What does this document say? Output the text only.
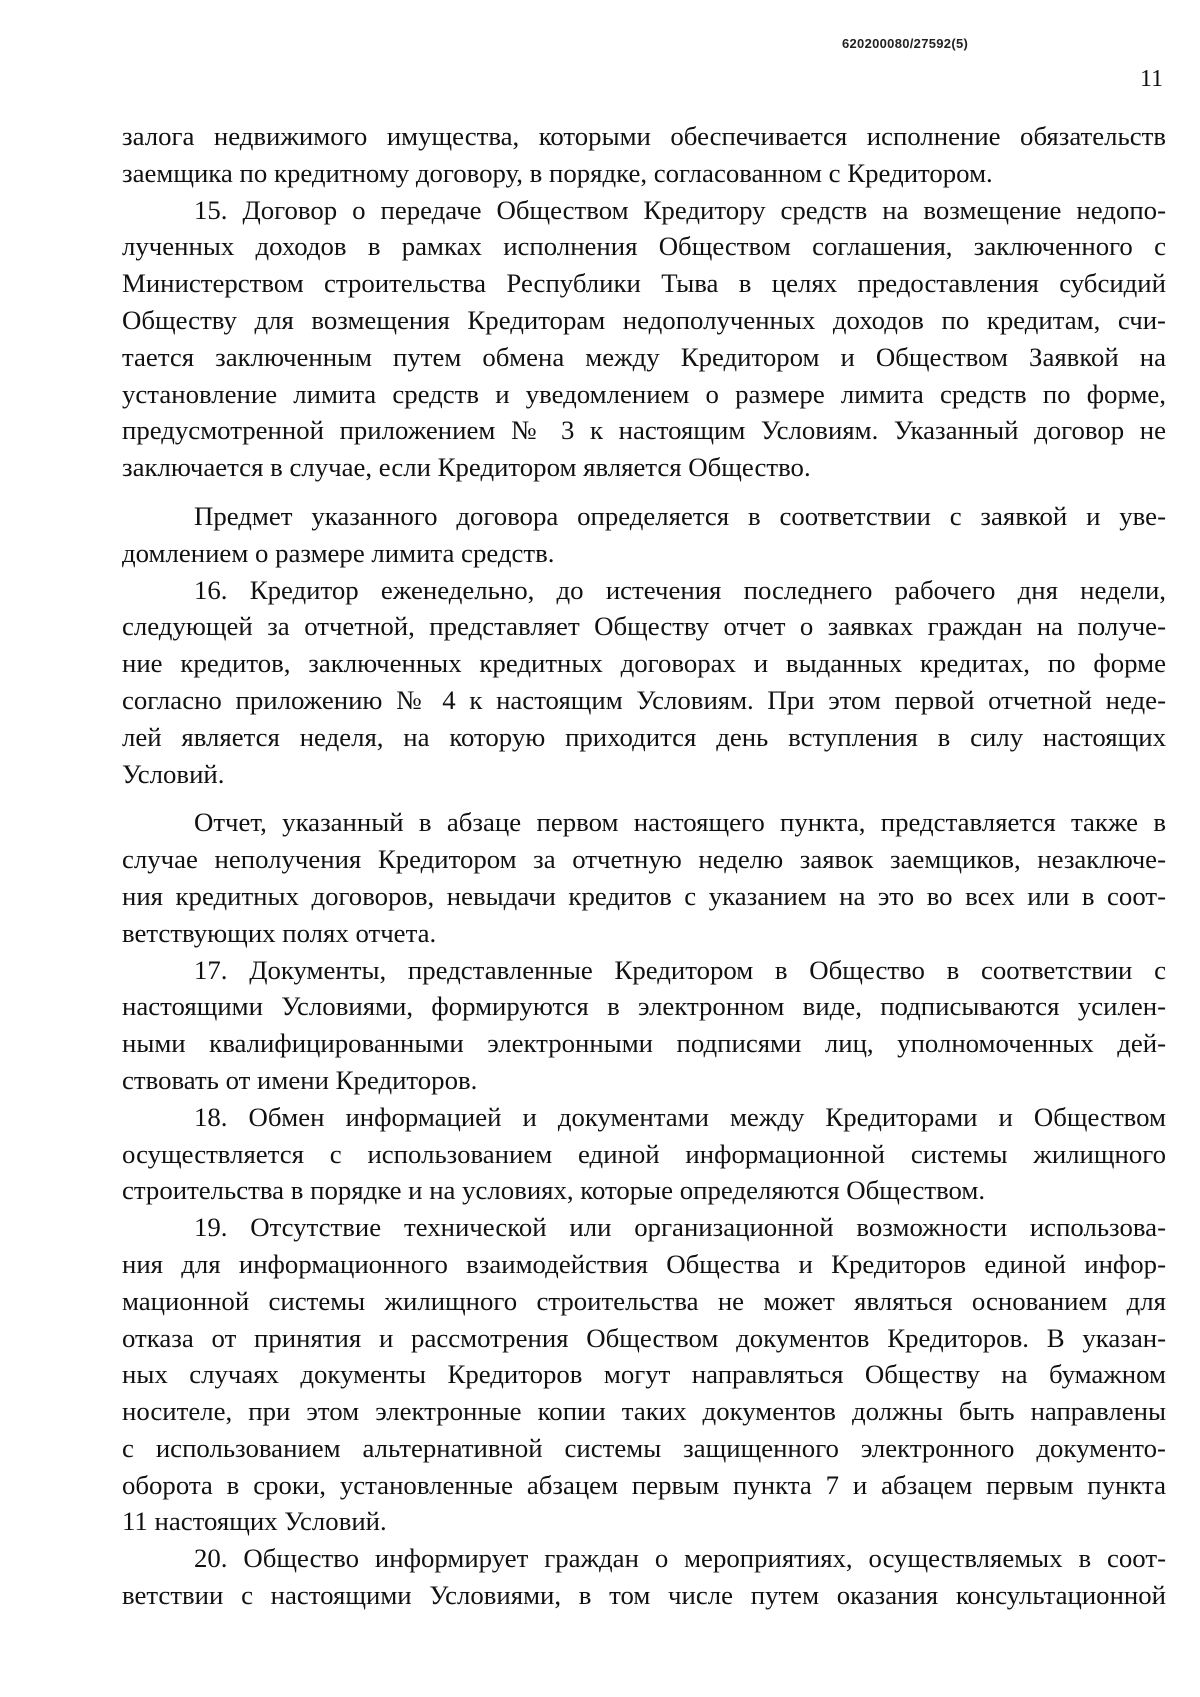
620200080/27592(5)
11
залога недвижимого имущества, которыми обеспечивается исполнение обязательств
заемщика по кредитному договору, в порядке, согласованном с Кредитором.
15. Договор о передаче Обществом Кредитору средств на возмещение недопо-
лученных доходов в рамках исполнения Обществом соглашения, заключенного с
Министерством строительства Республики Тыва в целях предоставления субсидий
Обществу для возмещения Кредиторам недополученных доходов по кредитам, счи-
тается заключенным путем обмена между Кредитором и Обществом Заявкой на
установление лимита средств и уведомлением о размере лимита средств по форме,
предусмотренной приложением № 3 к настоящим Условиям. Указанный договор не
заключается в случае, если Кредитором является Общество.
Предмет указанного договора определяется в соответствии с заявкой и уве-
домлением о размере лимита средств.
16. Кредитор еженедельно, до истечения последнего рабочего дня недели,
следующей за отчетной, представляет Обществу отчет о заявках граждан на получе-
ние кредитов, заключенных кредитных договорах и выданных кредитах, по форме
согласно приложению № 4 к настоящим Условиям. При этом первой отчетной неде-
лей является неделя, на которую приходится день вступления в силу настоящих
Условий.
Отчет, указанный в абзаце первом настоящего пункта, представляется также в
случае неполучения Кредитором за отчетную неделю заявок заемщиков, незаключе-
ния кредитных договоров, невыдачи кредитов с указанием на это во всех или в соот-
ветствующих полях отчета.
17. Документы, представленные Кредитором в Общество в соответствии с
настоящими Условиями, формируются в электронном виде, подписываются усилен-
ными квалифицированными электронными подписями лиц, уполномоченных дей-
ствовать от имени Кредиторов.
18. Обмен информацией и документами между Кредиторами и Обществом
осуществляется с использованием единой информационной системы жилищного
строительства в порядке и на условиях, которые определяются Обществом.
19. Отсутствие технической или организационной возможности использова-
ния для информационного взаимодействия Общества и Кредиторов единой инфор-
мационной системы жилищного строительства не может являться основанием для
отказа от принятия и рассмотрения Обществом документов Кредиторов. В указан-
ных случаях документы Кредиторов могут направляться Обществу на бумажном
носителе, при этом электронные копии таких документов должны быть направлены
с использованием альтернативной системы защищенного электронного документо-
оборота в сроки, установленные абзацем первым пункта 7 и абзацем первым пункта
11 настоящих Условий.
20. Общество информирует граждан о мероприятиях, осуществляемых в соот-
ветствии с настоящими Условиями, в том числе путем оказания консультационной
